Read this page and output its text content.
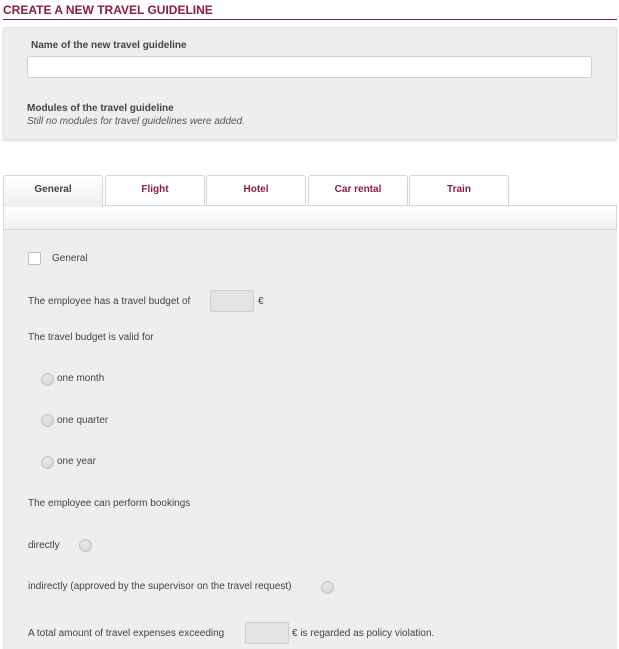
CREATE A NEW TRAVEL GUIDELINE
Name of the new travel guideline
Modules of the travel guideline
Still no modules for travel guidelines were added.
General	Flight	Hotel	Car rental	Train
General
The employee has a travel budget of	€
The travel budget is valid for
one month
one quarter
one year
The employee can perform bookings
directly
indirectly (approved by the supervisor on the travel request)
A total amount of travel expenses exceeding	€ is regarded as policy violation.
